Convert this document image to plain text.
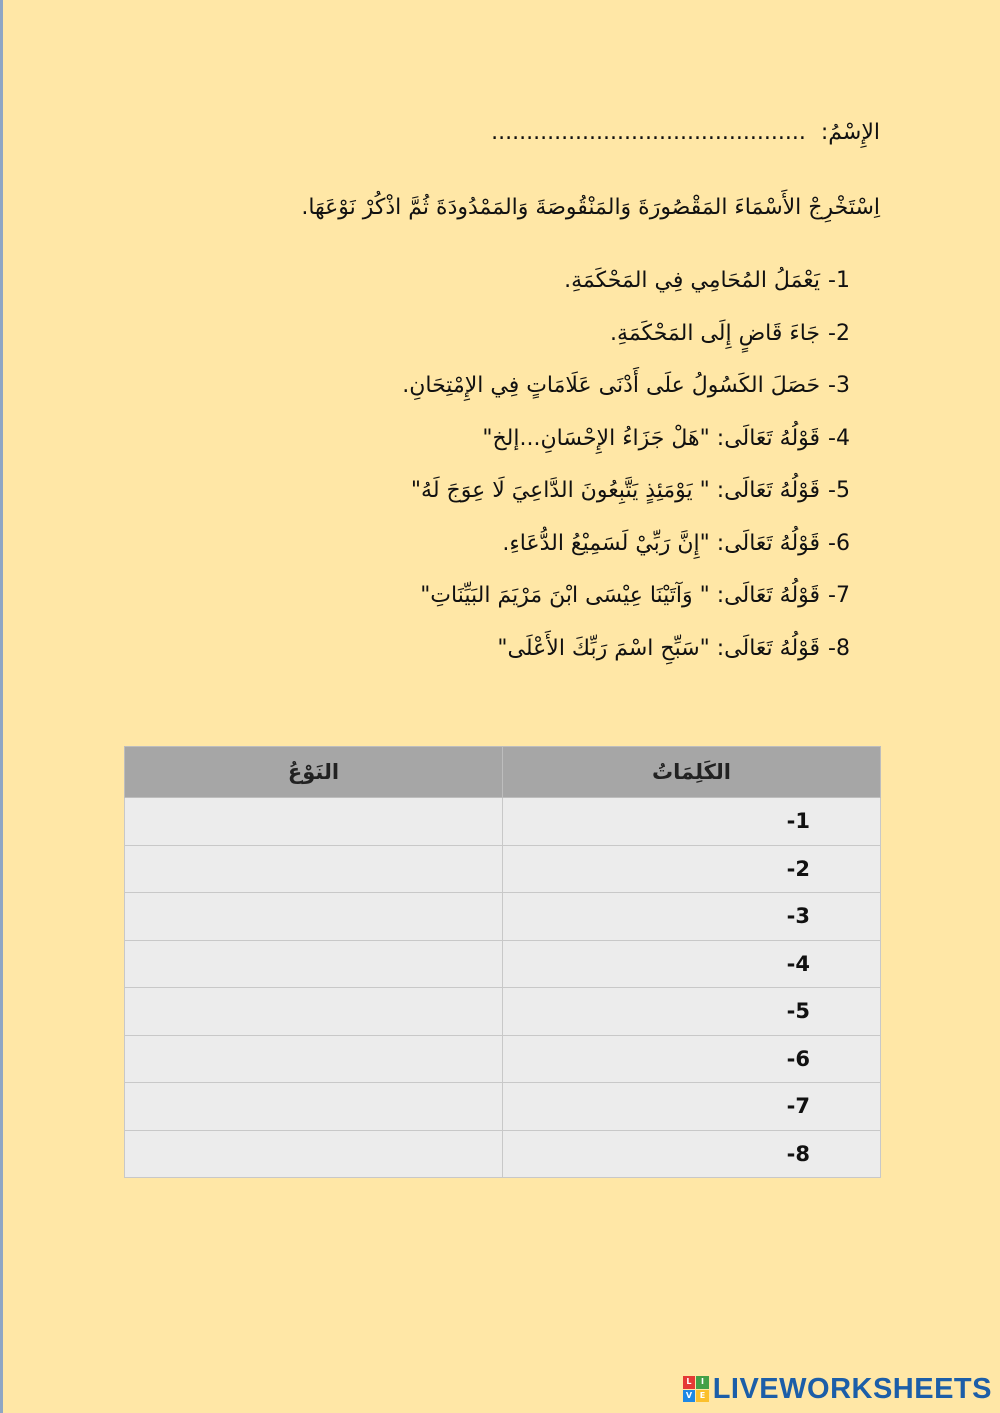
الإِسْمُ: .............................................
اِسْتَخْرِجْ الأَسْمَاءَ المَقْصُورَةَ وَالمَنْقُوصَةَ وَالمَمْدُودَةَ ثُمَّ اذْكُرْ نَوْعَهَا.
1-يَعْمَلُ المُحَامِي فِي المَحْكَمَةِ.
2-جَاءَ قَاضٍ إِلَى المَحْكَمَةِ.
3-حَصَلَ الكَسُولُ علَى أَدْنَى عَلَامَاتٍ فِي الإِمْتِحَانِ.
4-قَوْلُهُ تَعَالَى: "هَلْ جَزَاءُ الإِحْسَانِ...إلخ"
5-قَوْلُهُ تَعَالَى: " يَوْمَئِذٍ يَتَّبِعُونَ الدَّاعِيَ لَا عِوَجَ لَهُ"
6-قَوْلُهُ تَعَالَى: "إِنَّ رَبِّيْ لَسَمِيْعُ الدُّعَاءِ.
7-قَوْلُهُ تَعَالَى: " وَآتَيْنَا عِيْسَى ابْنَ مَرْيَمَ البَيِّنَاتِ"
8-قَوْلُهُ تَعَالَى: "سَبِّحِ اسْمَ رَبِّكَ الأَعْلَى"
الكَلِمَاتُ	النَوْعُ
-1	
-2	
-3	
-4	
-5	
-6	
-7	
-8	
L	I
V E LIVEWORKSHEETS
